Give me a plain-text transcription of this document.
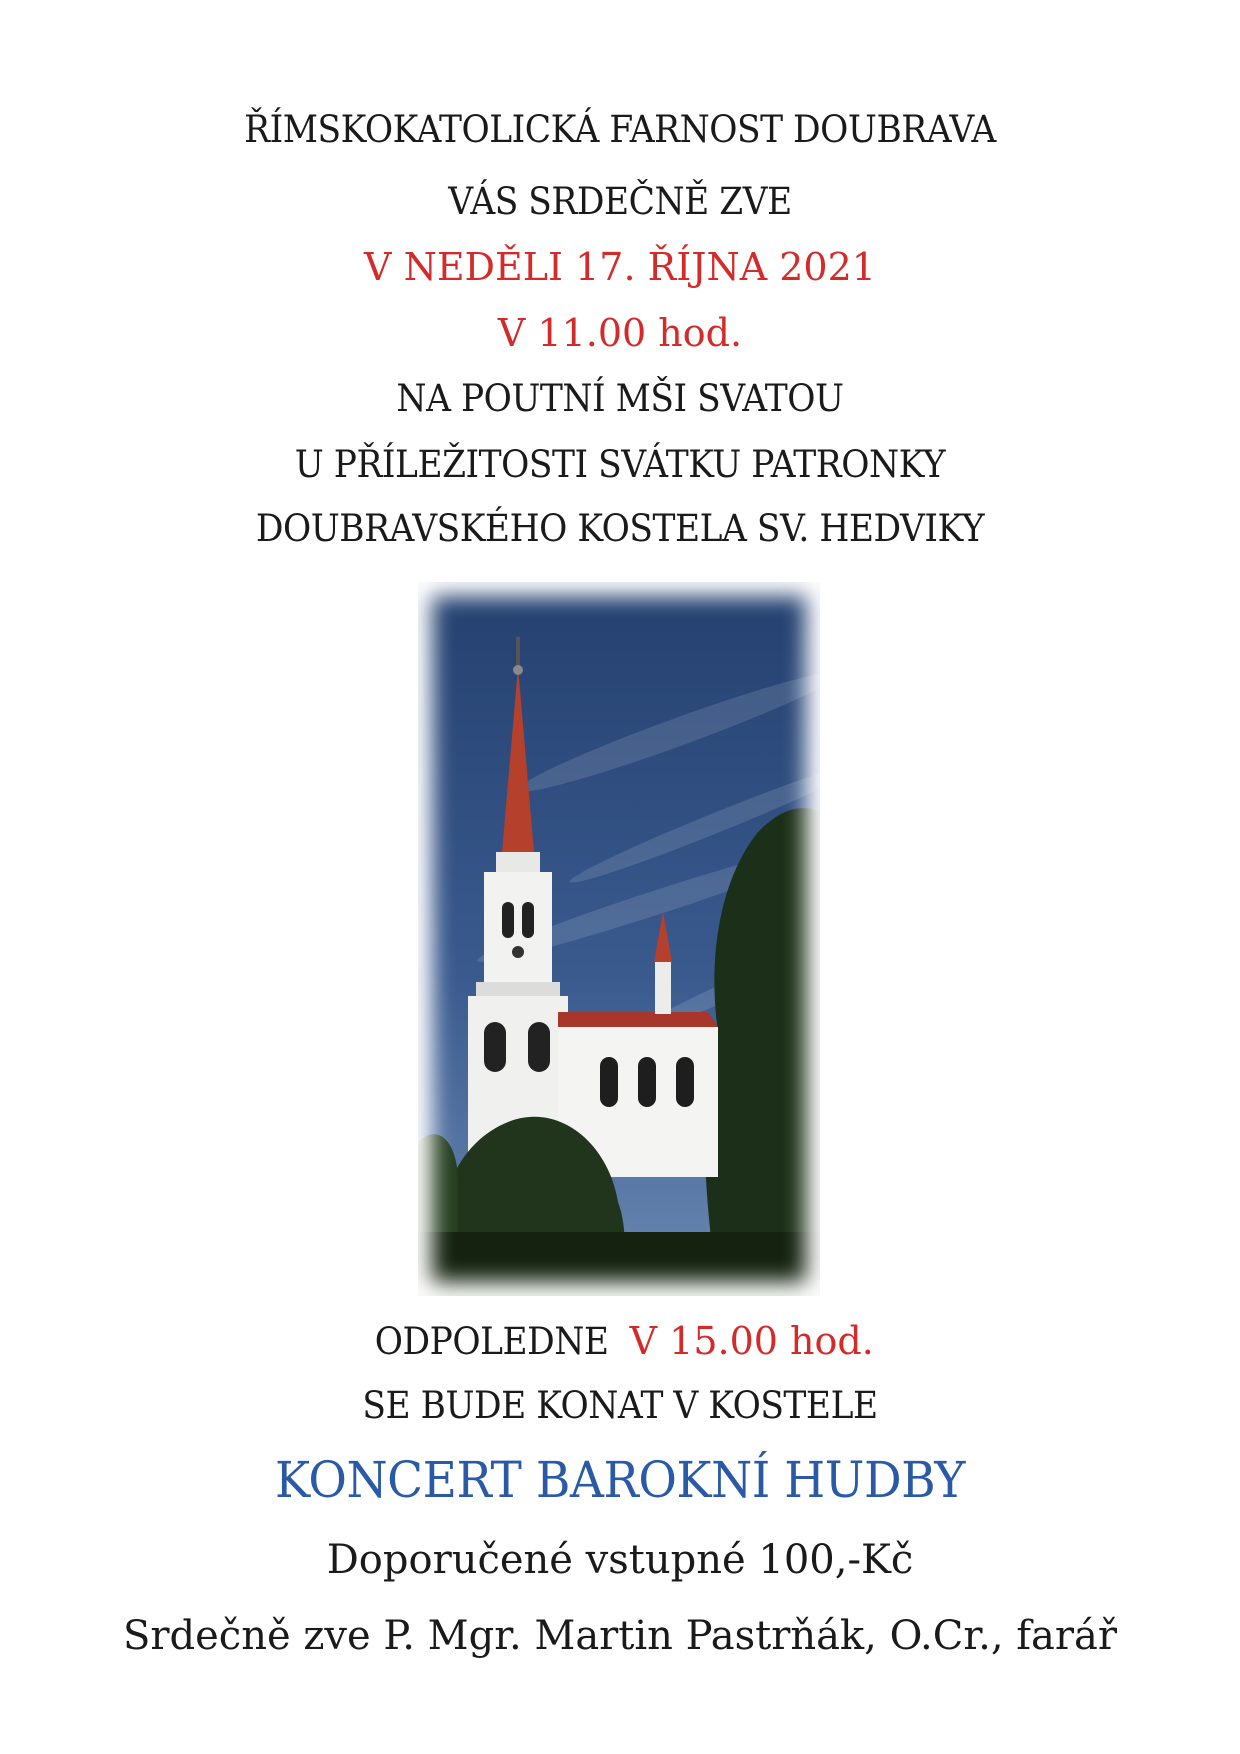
ŘÍMSKOKATOLICKÁ FARNOST DOUBRAVA
VÁS SRDEČNĚ ZVE
V NEDĚLI 17. ŘÍJNA 2021
V 11.00 hod.
NA POUTNÍ MŠI SVATOU
U PŘÍLEŽITOSTI SVÁTKU PATRONKY
DOUBRAVSKÉHO KOSTELA SV. HEDVIKY
ODPOLEDNE V 15.00 hod.
SE BUDE KONAT V KOSTELE
KONCERT BAROKNÍ HUDBY
Doporučené vstupné 100,-Kč
Srdečně zve P. Mgr. Martin Pastrňák, O.Cr., farář
